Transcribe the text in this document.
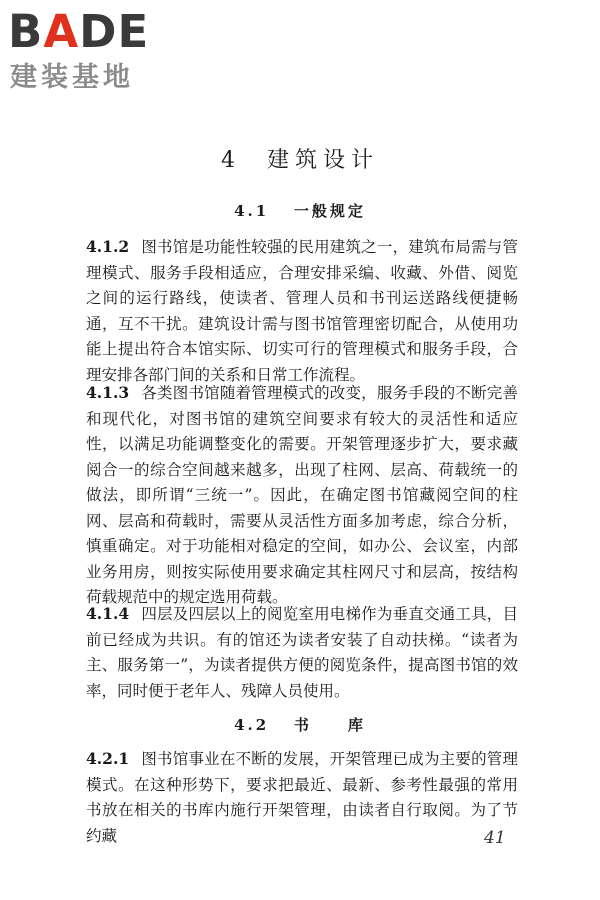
BADE
建装基地
4 建筑设计
4.1 一般规定

4.1.2 图书馆是功能性较强的民用建筑之一，建筑布局需与管理模式、服务手段相适应，合理安排采编、收藏、外借、阅览之间的运行路线，使读者、管理人员和书刊运送路线便捷畅通，互不干扰。建筑设计需与图书馆管理密切配合，从使用功能上提出符合本馆实际、切实可行的管理模式和服务手段，合理安排各部门间的关系和日常工作流程。

4.1.3 各类图书馆随着管理模式的改变，服务手段的不断完善和现代化，对图书馆的建筑空间要求有较大的灵活性和适应性，以满足功能调整变化的需要。开架管理逐步扩大，要求藏阅合一的综合空间越来越多，出现了柱网、层高、荷载统一的做法，即所谓“三统一”。因此，在确定图书馆藏阅空间的柱网、层高和荷载时，需要从灵活性方面多加考虑，综合分析，慎重确定。对于功能相对稳定的空间，如办公、会议室，内部业务用房，则按实际使用要求确定其柱网尺寸和层高，按结构荷载规范中的规定选用荷载。

4.1.4 四层及四层以上的阅览室用电梯作为垂直交通工具，目前已经成为共识。有的馆还为读者安装了自动扶梯。“读者为主、服务第一”，为读者提供方便的阅览条件，提高图书馆的效率，同时便于老年人、残障人员使用。

4.2 书　　库

4.2.1 图书馆事业在不断的发展，开架管理已成为主要的管理模式。在这种形势下，要求把最近、最新、参考性最强的常用书放在相关的书库内施行开架管理，由读者自行取阅。为了节约藏	41
